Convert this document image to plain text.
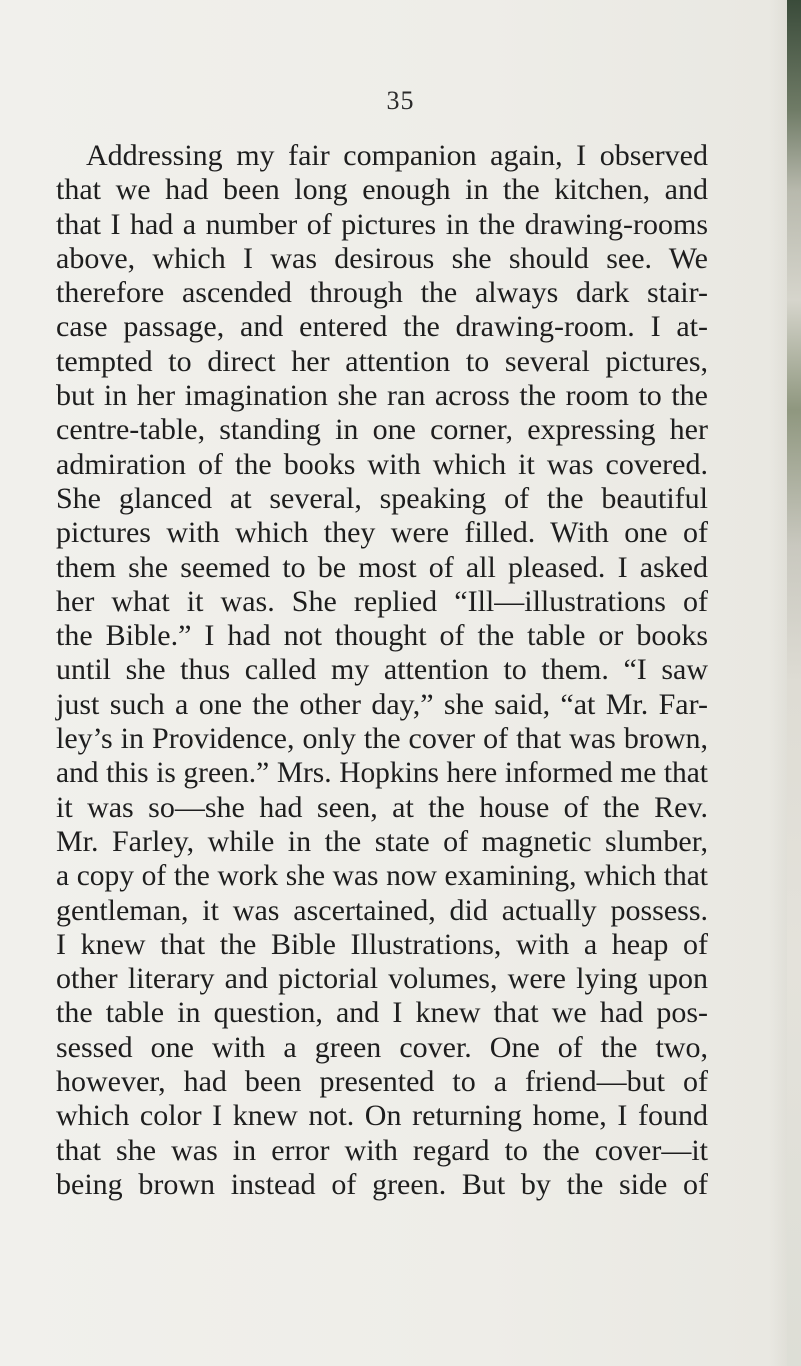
35
Addressing my fair companion again, I observed
that we had been long enough in the kitchen, and
that I had a number of pictures in the drawing-rooms
above, which I was desirous she should see. We
therefore ascended through the always dark stair-
case passage, and entered the drawing-room. I at-
tempted to direct her attention to several pictures,
but in her imagination she ran across the room to the
centre-table, standing in one corner, expressing her
admiration of the books with which it was covered.
She glanced at several, speaking of the beautiful
pictures with which they were filled. With one of
them she seemed to be most of all pleased. I asked
her what it was. She replied “Ill—illustrations of
the Bible.” I had not thought of the table or books
until she thus called my attention to them. “I saw
just such a one the other day,” she said, “at Mr. Far-
ley’s in Providence, only the cover of that was brown,
and this is green.” Mrs. Hopkins here informed me that
it was so—she had seen, at the house of the Rev.
Mr. Farley, while in the state of magnetic slumber,
a copy of the work she was now examining, which that
gentleman, it was ascertained, did actually possess.
I knew that the Bible Illustrations, with a heap of
other literary and pictorial volumes, were lying upon
the table in question, and I knew that we had pos-
sessed one with a green cover. One of the two,
however, had been presented to a friend—but of
which color I knew not. On returning home, I found
that she was in error with regard to the cover—it
being brown instead of green. But by the side of
